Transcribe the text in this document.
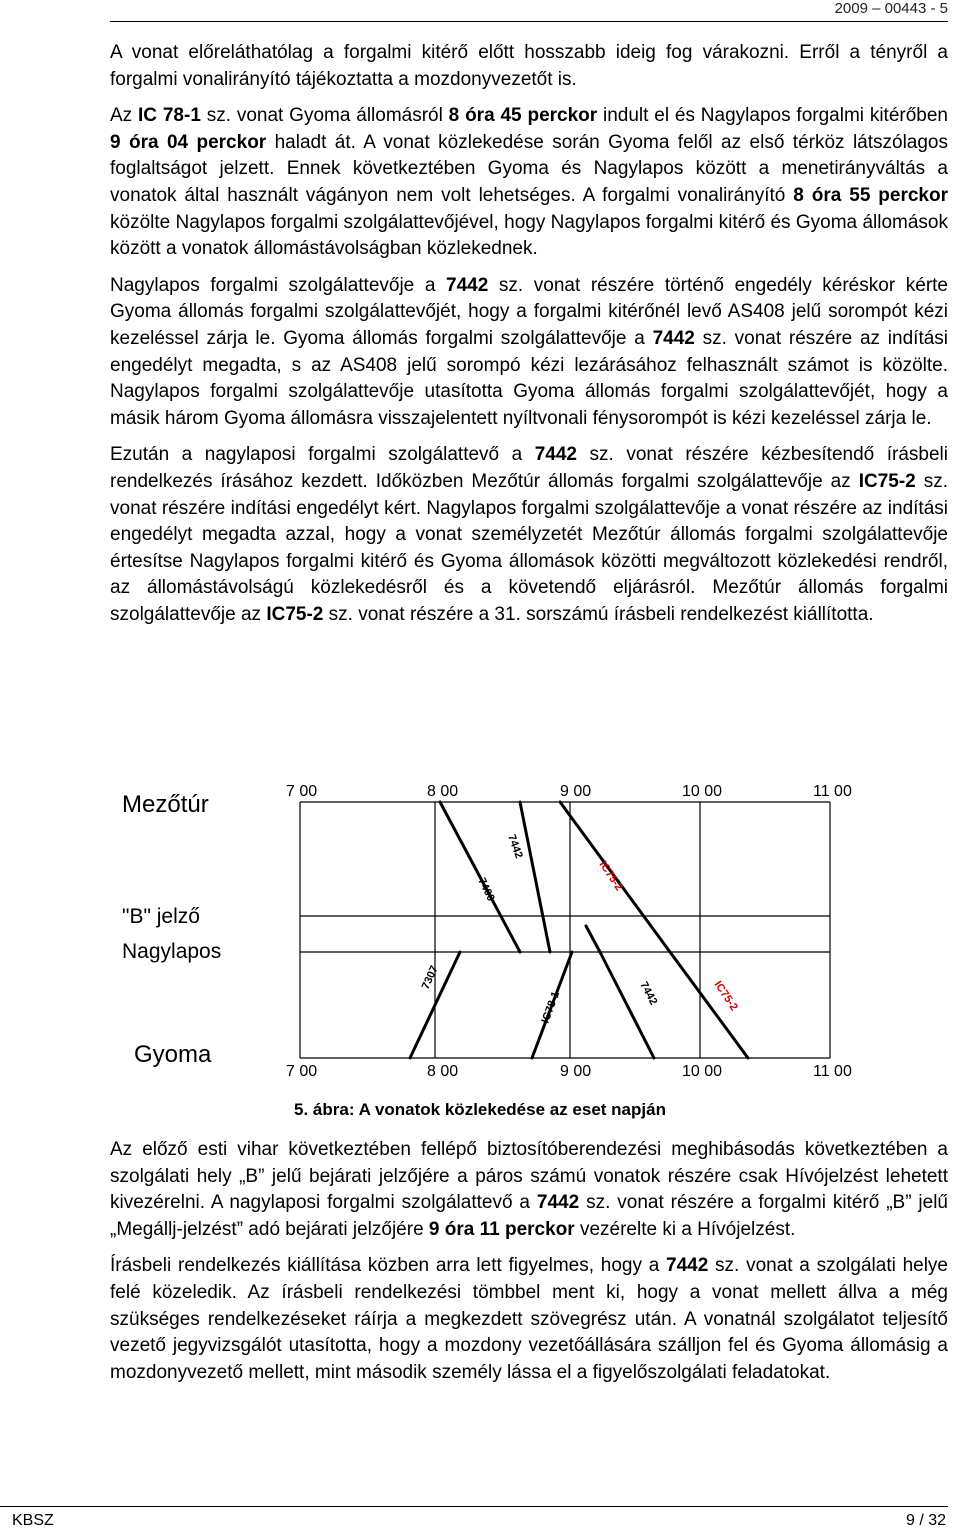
2009 – 00443 - 5

A vonat előreláthatólag a forgalmi kitérő előtt hosszabb ideig fog várakozni. Erről a tényről a forgalmi vonalirányító tájékoztatta a mozdonyvezetőt is.

Az IC 78-1 sz. vonat Gyoma állomásról 8 óra 45 perckor indult el és Nagylapos forgalmi kitérőben 9 óra 04 perckor haladt át. A vonat közlekedése során Gyoma felől az első térköz látszólagos foglaltságot jelzett. Ennek következtében Gyoma és Nagylapos között a menetirányváltás a vonatok által használt vágányon nem volt lehetséges. A forgalmi vonalirányító 8 óra 55 perckor közölte Nagylapos forgalmi szolgálattevőjével, hogy Nagylapos forgalmi kitérő és Gyoma állomások között a vonatok állomástávolságban közlekednek.

Nagylapos forgalmi szolgálattevője a 7442 sz. vonat részére történő engedély kéréskor kérte Gyoma állomás forgalmi szolgálattevőjét, hogy a forgalmi kitérőnél levő AS408 jelű sorompót kézi kezeléssel zárja le. Gyoma állomás forgalmi szolgálattevője a 7442 sz. vonat részére az indítási engedélyt megadta, s az AS408 jelű sorompó kézi lezárásához felhasznált számot is közölte. Nagylapos forgalmi szolgálattevője utasította Gyoma állomás forgalmi szolgálattevőjét, hogy a másik három Gyoma állomásra visszajelentett nyíltvonali fénysorompót is kézi kezeléssel zárja le.

Ezután a nagylaposi forgalmi szolgálattevő a 7442 sz. vonat részére kézbesítendő írásbeli rendelkezés írásához kezdett. Időközben Mezőtúr állomás forgalmi szolgálattevője az IC75-2 sz. vonat részére indítási engedélyt kért. Nagylapos forgalmi szolgálattevője a vonat részére az indítási engedélyt megadta azzal, hogy a vonat személyzetét Mezőtúr állomás forgalmi szolgálattevője értesítse Nagylapos forgalmi kitérő és Gyoma állomások közötti megváltozott közlekedési rendről, az állomástávolságú közlekedésről és a követendő eljárásról. Mezőtúr állomás forgalmi szolgálattevője az IC75-2 sz. vonat részére a 31. sorszámú írásbeli rendelkezést kiállította.

7 00	8 00	9 00	10 00	11 00
7 00	8 00	9 00	10 00	11 00
Mezőtúr
"B" jelző
Nagylapos
Gyoma
7442
7400	IC75-2
7307
IC78-1	7442	IC75-2
5. ábra: A vonatok közlekedése az eset napján

Az előző esti vihar következtében fellépő biztosítóberendezési meghibásodás következtében a szolgálati hely „B” jelű bejárati jelzőjére a páros számú vonatok részére csak Hívójelzést lehetett kivezérelni. A nagylaposi forgalmi szolgálattevő a 7442 sz. vonat részére a forgalmi kitérő „B” jelű „Megállj-jelzést” adó bejárati jelzőjére 9 óra 11 perckor vezérelte ki a Hívójelzést.

Írásbeli rendelkezés kiállítása közben arra lett figyelmes, hogy a 7442 sz. vonat a szolgálati helye felé közeledik. Az írásbeli rendelkezési tömbbel ment ki, hogy a vonat mellett állva a még szükséges rendelkezéseket ráírja a megkezdett szövegrész után. A vonatnál szolgálatot teljesítő vezető jegyvizsgálót utasította, hogy a mozdony vezetőállására szálljon fel és Gyoma állomásig a mozdonyvezető mellett, mint második személy lássa el a figyelőszolgálati feladatokat.

KBSZ	9 / 32
